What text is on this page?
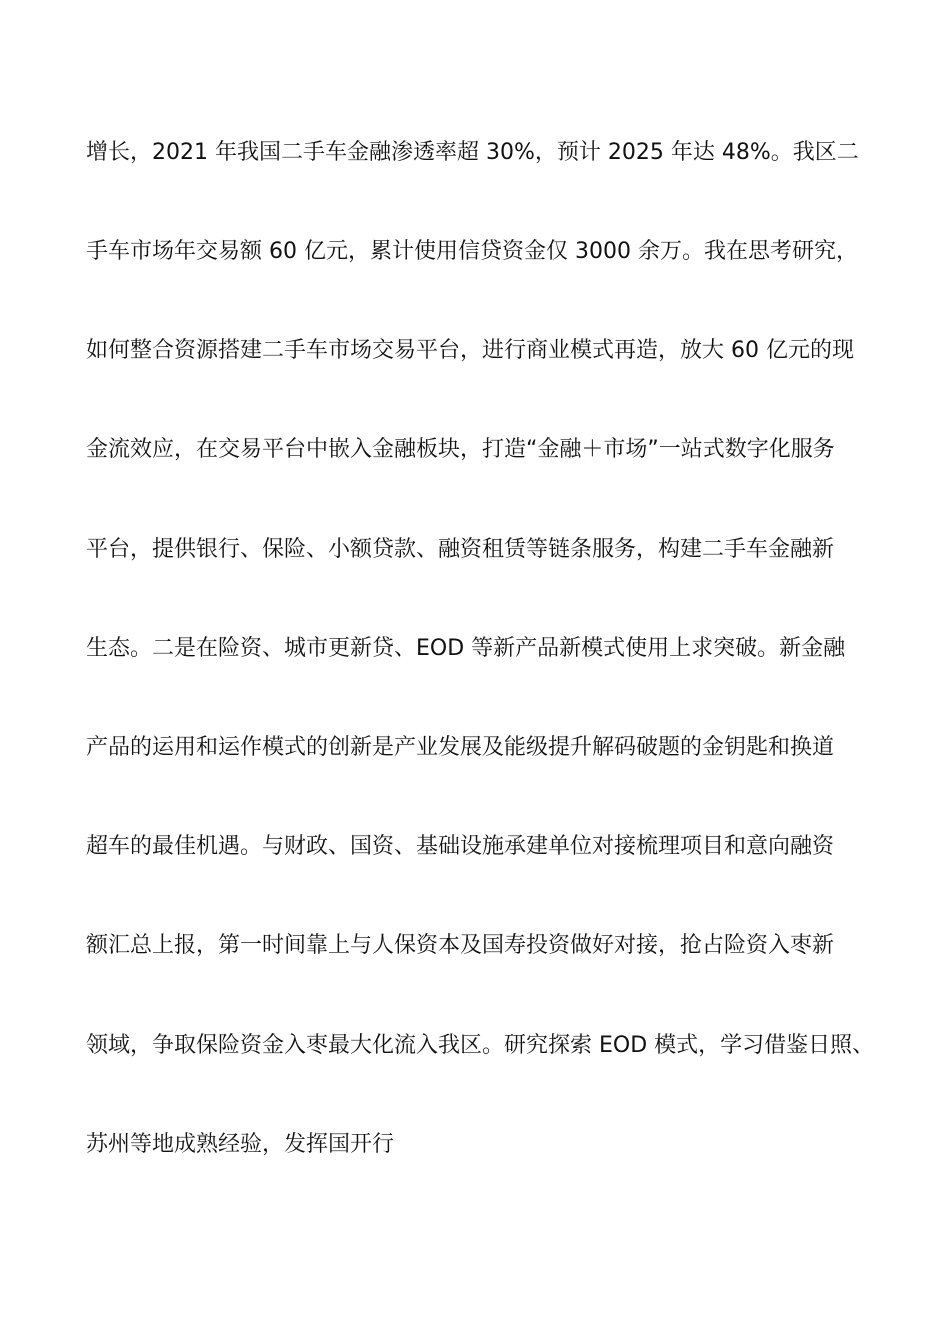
增长，2021 年我国二手车金融渗透率超 30%，预计 2025 年达 48%。我区二
手车市场年交易额 60 亿元，累计使用信贷资金仅 3000 余万。我在思考研究，
如何整合资源搭建二手车市场交易平台，进行商业模式再造，放大 60 亿元的现
金流效应，在交易平台中嵌入金融板块，打造“金融＋市场”一站式数字化服务
平台，提供银行、保险、小额贷款、融资租赁等链条服务，构建二手车金融新
生态。二是在险资、城市更新贷、EOD 等新产品新模式使用上求突破。新金融
产品的运用和运作模式的创新是产业发展及能级提升解码破题的金钥匙和换道
超车的最佳机遇。与财政、国资、基础设施承建单位对接梳理项目和意向融资
额汇总上报，第一时间靠上与人保资本及国寿投资做好对接，抢占险资入枣新
领域，争取保险资金入枣最大化流入我区。研究探索 EOD 模式，学习借鉴日照、
苏州等地成熟经验，发挥国开行
